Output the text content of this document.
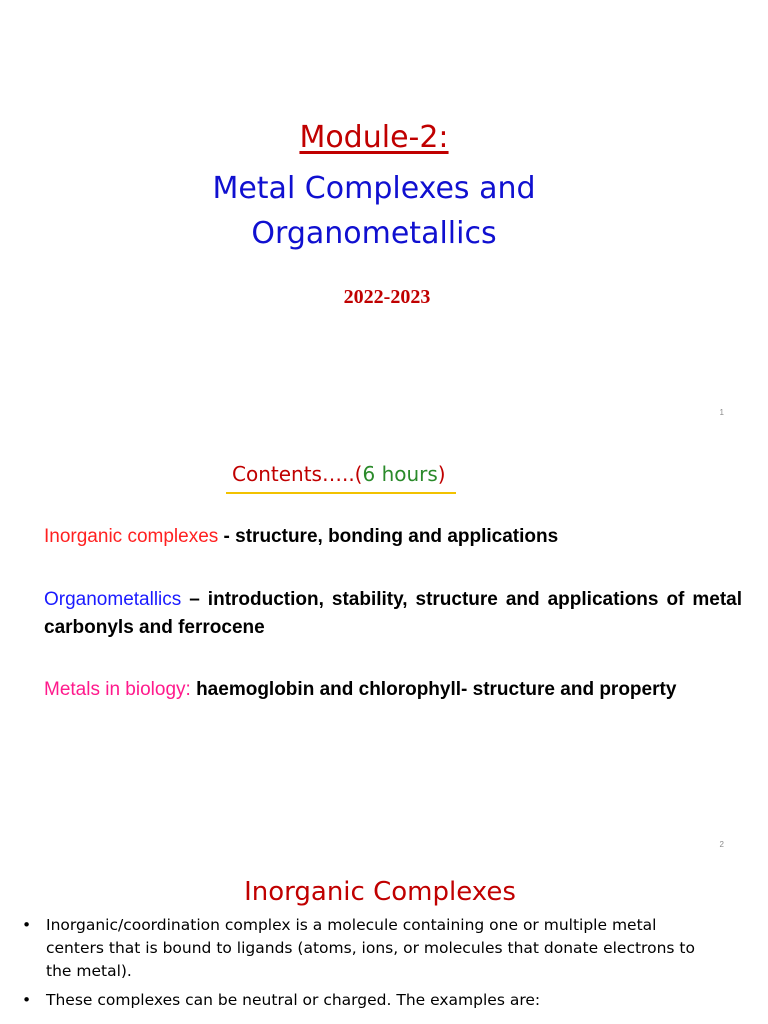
Module-2:
Metal Complexes and
Organometallics
2022-2023
1
Contents…..(6 hours)
Inorganic complexes - structure, bonding and applications
Organometallics – introduction, stability, structure and applications of metal carbonyls and ferrocene
Metals in biology: haemoglobin and chlorophyll- structure and property
2
Inorganic Complexes
• Inorganic/coordination complex is a molecule containing one or multiple metal centers that is bound to ligands (atoms, ions, or molecules that donate electrons to the metal).
• These complexes can be neutral or charged. The examples are:
